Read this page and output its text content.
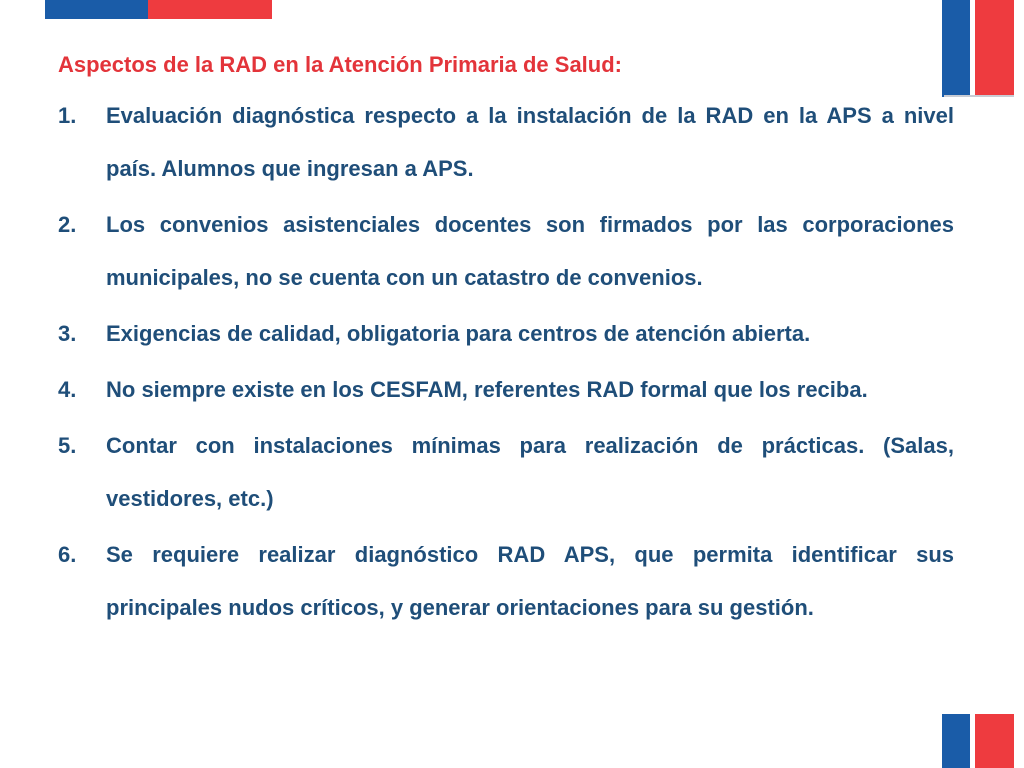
Aspectos de la RAD en la Atención Primaria de Salud:
1.	Evaluación diagnóstica respecto a la instalación de la RAD en la APS a nivel país. Alumnos que ingresan a APS.
2.	Los convenios asistenciales docentes son firmados por las corporaciones municipales, no se cuenta con un catastro de convenios.
3.	Exigencias de calidad, obligatoria para centros de atención abierta.
4.	No siempre existe en los CESFAM, referentes RAD formal que los reciba.
5.	Contar con instalaciones mínimas para realización de prácticas. (Salas, vestidores, etc.)
6.	Se requiere realizar diagnóstico RAD APS, que permita identificar sus principales nudos críticos, y generar orientaciones para su gestión.
